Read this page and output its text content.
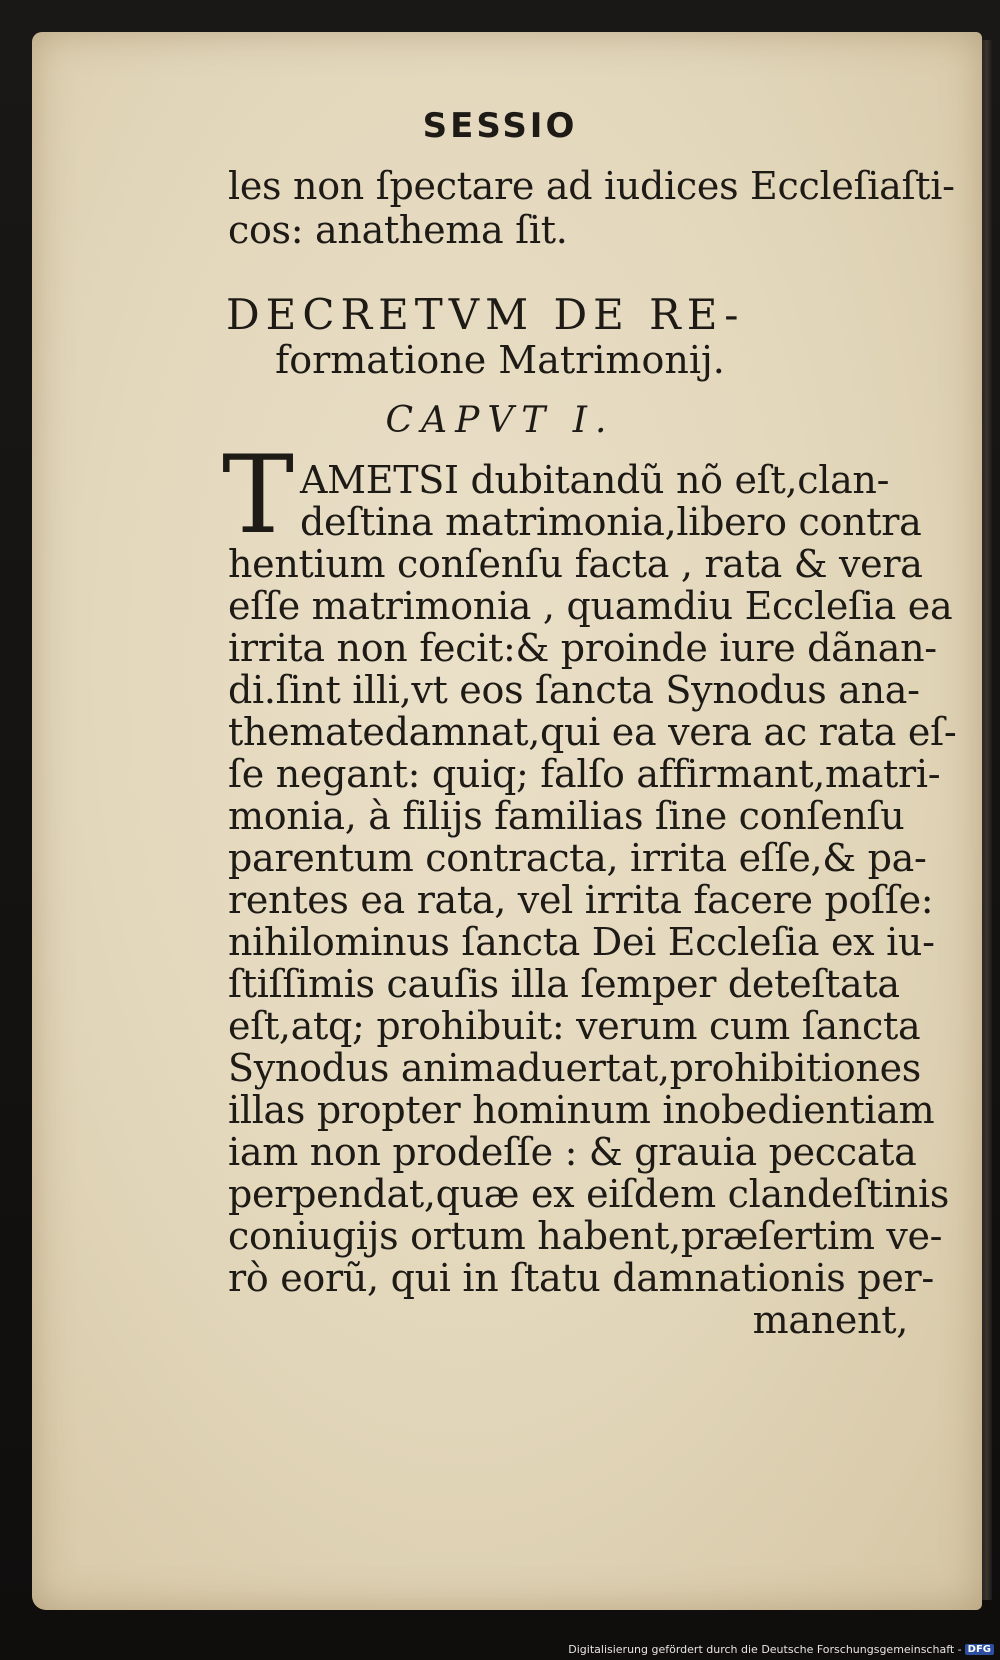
SESSIO
les non ſpectare ad iudices Eccleſiaſti-
cos: anathema ſit.
DECRETVM DE RE-
formatione Matrimonij.
CAPVT I.
T AMETSI dubitandũ nõ eſt,clan-
deſtina matrimonia,libero contra
hentium conſenſu facta , rata & vera
eſſe matrimonia , quamdiu Eccleſia ea
irrita non fecit:& proinde iure dãnan-
di.ſint illi,vt eos ſancta Synodus ana-
thematedamnat,qui ea vera ac rata eſ-
ſe negant: quiq; falſo affirmant,matri-
monia, à filijs familias ſine conſenſu
parentum contracta, irrita eſſe,& pa-
rentes ea rata, vel irrita facere poſſe:
nihilominus ſancta Dei Eccleſia ex iu-
ſtiſſimis cauſis illa ſemper deteſtata
eſt,atq; prohibuit: verum cum ſancta
Synodus animaduertat,prohibitiones
illas propter hominum inobedientiam
iam non prodeſſe : & grauia peccata
perpendat,quæ ex eiſdem clandeſtinis
coniugijs ortum habent,præſertim ve-
rò eorũ, qui in ſtatu damnationis per-
manent,
Digitalisierung gefördert durch die Deutsche Forschungsgemeinschaft - DFG
